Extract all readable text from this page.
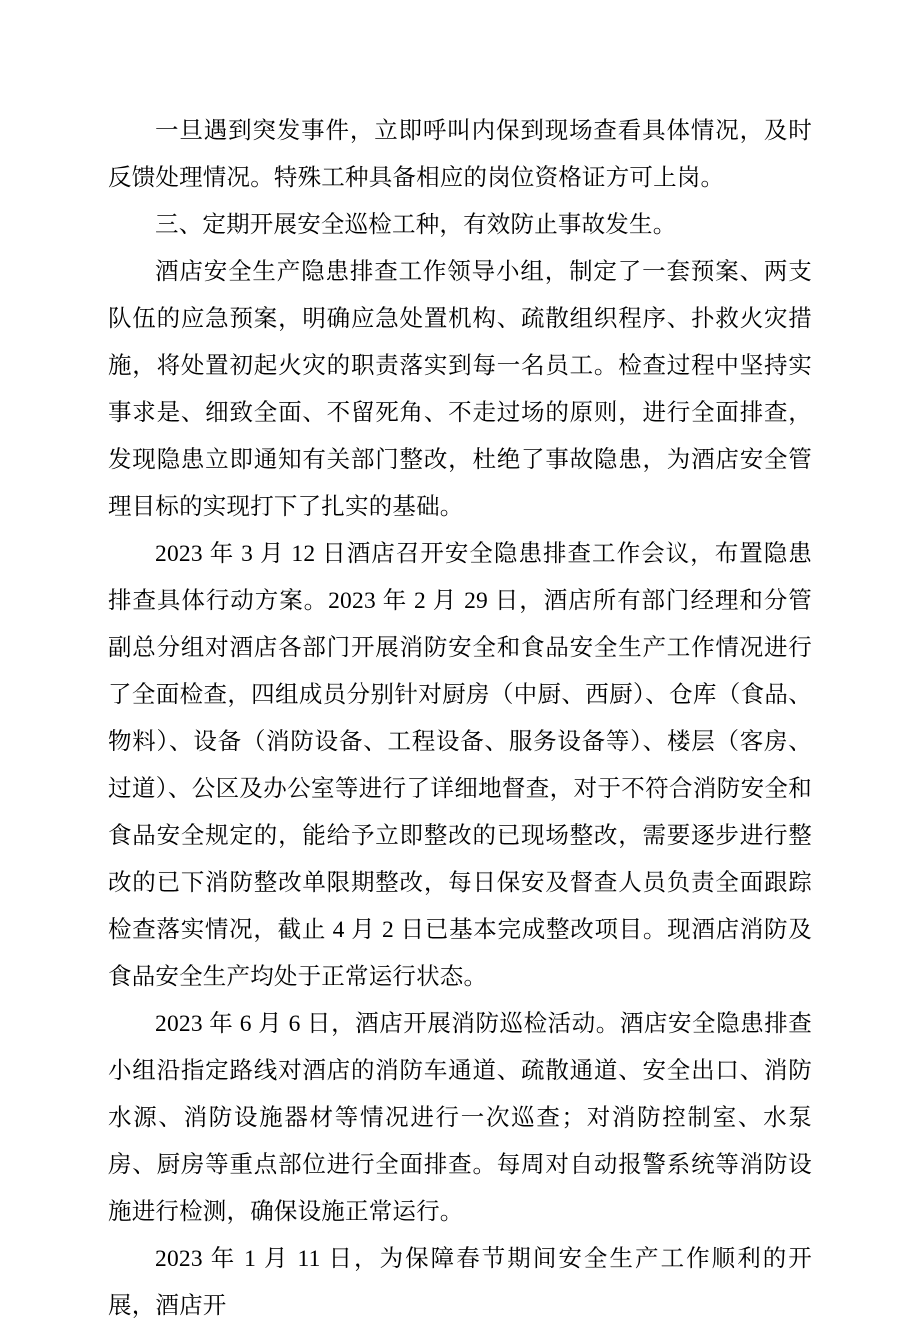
一旦遇到突发事件，立即呼叫内保到现场查看具体情况，及时反馈处理情况。特殊工种具备相应的岗位资格证方可上岗。

三、定期开展安全巡检工种，有效防止事故发生。

酒店安全生产隐患排查工作领导小组，制定了一套预案、两支队伍的应急预案，明确应急处置机构、疏散组织程序、扑救火灾措施，将处置初起火灾的职责落实到每一名员工。检查过程中坚持实事求是、细致全面、不留死角、不走过场的原则，进行全面排查，发现隐患立即通知有关部门整改，杜绝了事故隐患，为酒店安全管理目标的实现打下了扎实的基础。

2023 年 3 月 12 日酒店召开安全隐患排查工作会议，布置隐患排查具体行动方案。2023 年 2 月 29 日，酒店所有部门经理和分管副总分组对酒店各部门开展消防安全和食品安全生产工作情况进行了全面检查，四组成员分别针对厨房（中厨、西厨）、仓库（食品、物料）、设备（消防设备、工程设备、服务设备等）、楼层（客房、过道）、公区及办公室等进行了详细地督查，对于不符合消防安全和食品安全规定的，能给予立即整改的已现场整改，需要逐步进行整改的已下消防整改单限期整改，每日保安及督查人员负责全面跟踪检查落实情况，截止 4 月 2 日已基本完成整改项目。现酒店消防及食品安全生产均处于正常运行状态。

2023 年 6 月 6 日，酒店开展消防巡检活动。酒店安全隐患排查小组沿指定路线对酒店的消防车通道、疏散通道、安全出口、消防水源、消防设施器材等情况进行一次巡查；对消防控制室、水泵房、厨房等重点部位进行全面排查。每周对自动报警系统等消防设施进行检测，确保设施正常运行。

2023 年 1 月 11 日，为保障春节期间安全生产工作顺利的开展，酒店开
